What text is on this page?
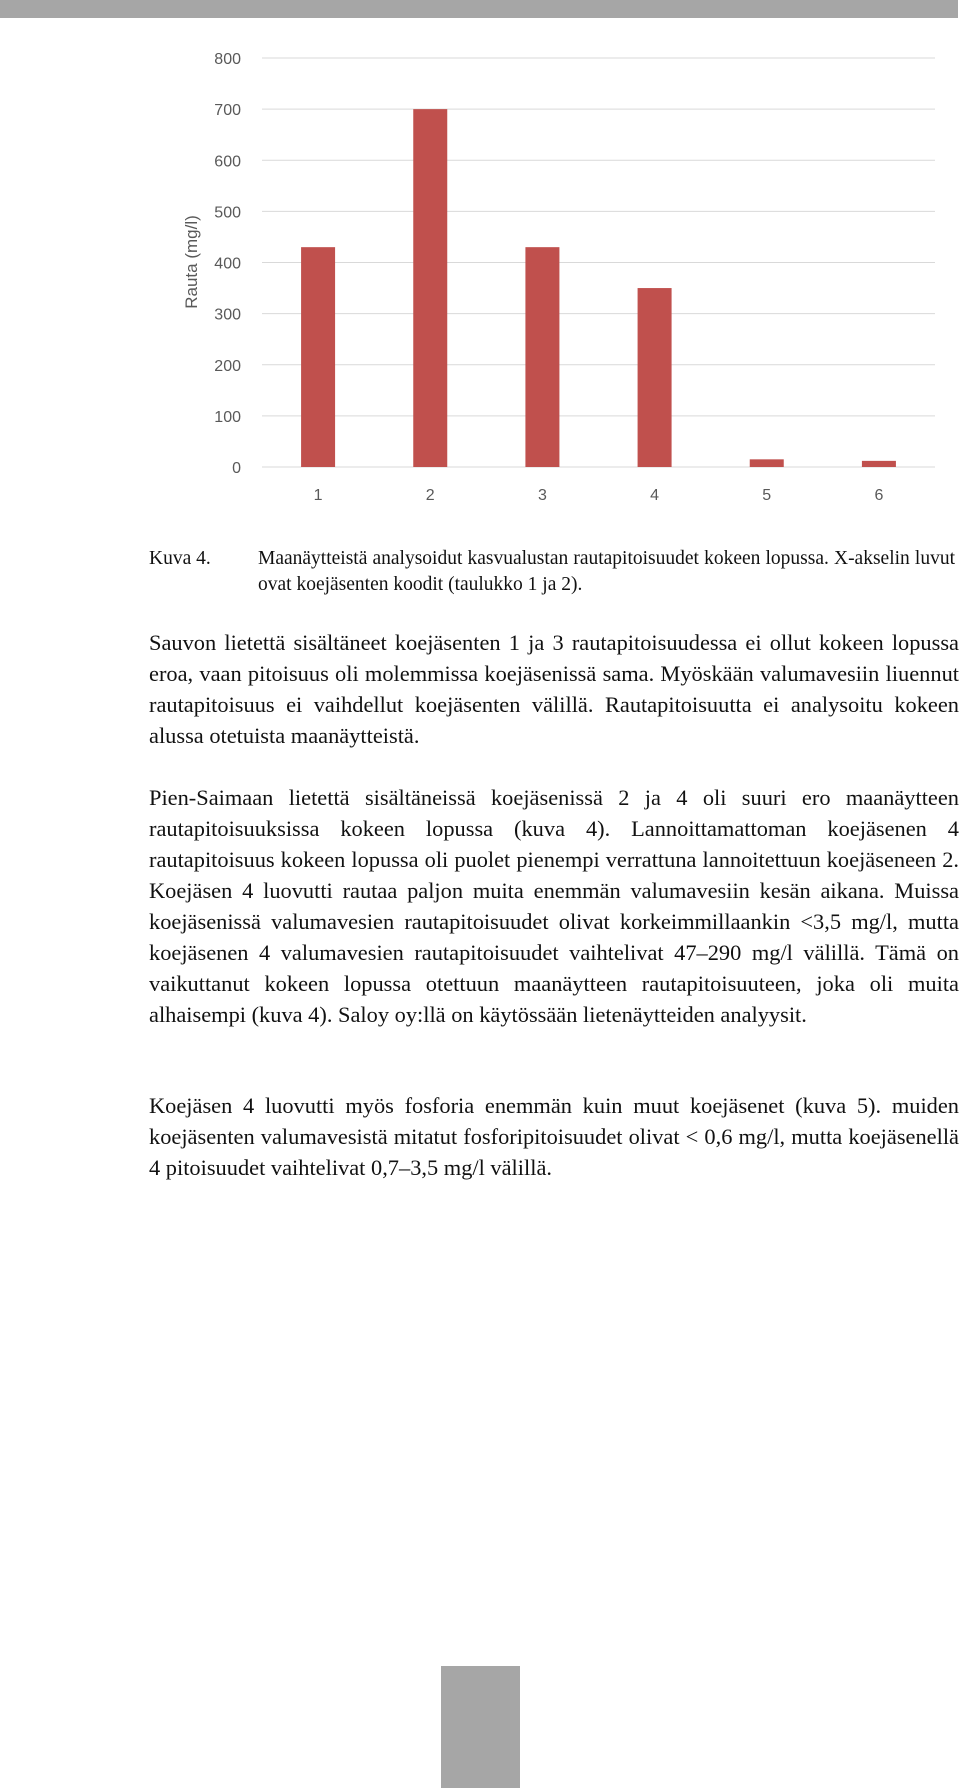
0
100
200
300
400
500
600
700
800
1	2	3	4	5	6
Rauta (mg/l)
Kuva 4. Maanäytteistä analysoidut kasvualustan rautapitoisuudet kokeen lopussa. X-akselin luvut ovat koejäsenten koodit (taulukko 1 ja 2).

Sauvon lietettä sisältäneet koejäsenten 1 ja 3 rautapitoisuudessa ei ollut kokeen lopussa eroa, vaan pitoisuus oli molemmissa koejäsenissä sama. Myöskään valumavesiin liuennut rautapitoisuus ei vaihdellut koejäsenten välillä. Rautapitoisuutta ei analysoitu kokeen alussa otetuista maanäytteistä.

Pien-Saimaan lietettä sisältäneissä koejäsenissä 2 ja 4 oli suuri ero maanäytteen rautapitoisuuksissa kokeen lopussa (kuva 4). Lannoittamattoman koejäsenen 4 rautapitoisuus kokeen lopussa oli puolet pienempi verrattuna lannoitettuun koejäseneen 2. Koejäsen 4 luovutti rautaa paljon muita enemmän valumavesiin kesän aikana. Muissa koejäsenissä valumavesien rautapitoisuudet olivat korkeimmillaankin <3,5 mg/l, mutta koejäsenen 4 valumavesien rautapitoisuudet vaihtelivat 47–290 mg/l välillä. Tämä on vaikuttanut kokeen lopussa otettuun maanäytteen rautapitoisuuteen, joka oli muita alhaisempi (kuva 4). Saloy oy:llä on käytössään lietenäytteiden analyysit.

Koejäsen 4 luovutti myös fosforia enemmän kuin muut koejäsenet (kuva 5). muiden koejäsenten valumavesistä mitatut fosforipitoisuudet olivat < 0,6 mg/l, mutta koejäsenellä 4 pitoisuudet vaihtelivat 0,7–3,5 mg/l välillä.
